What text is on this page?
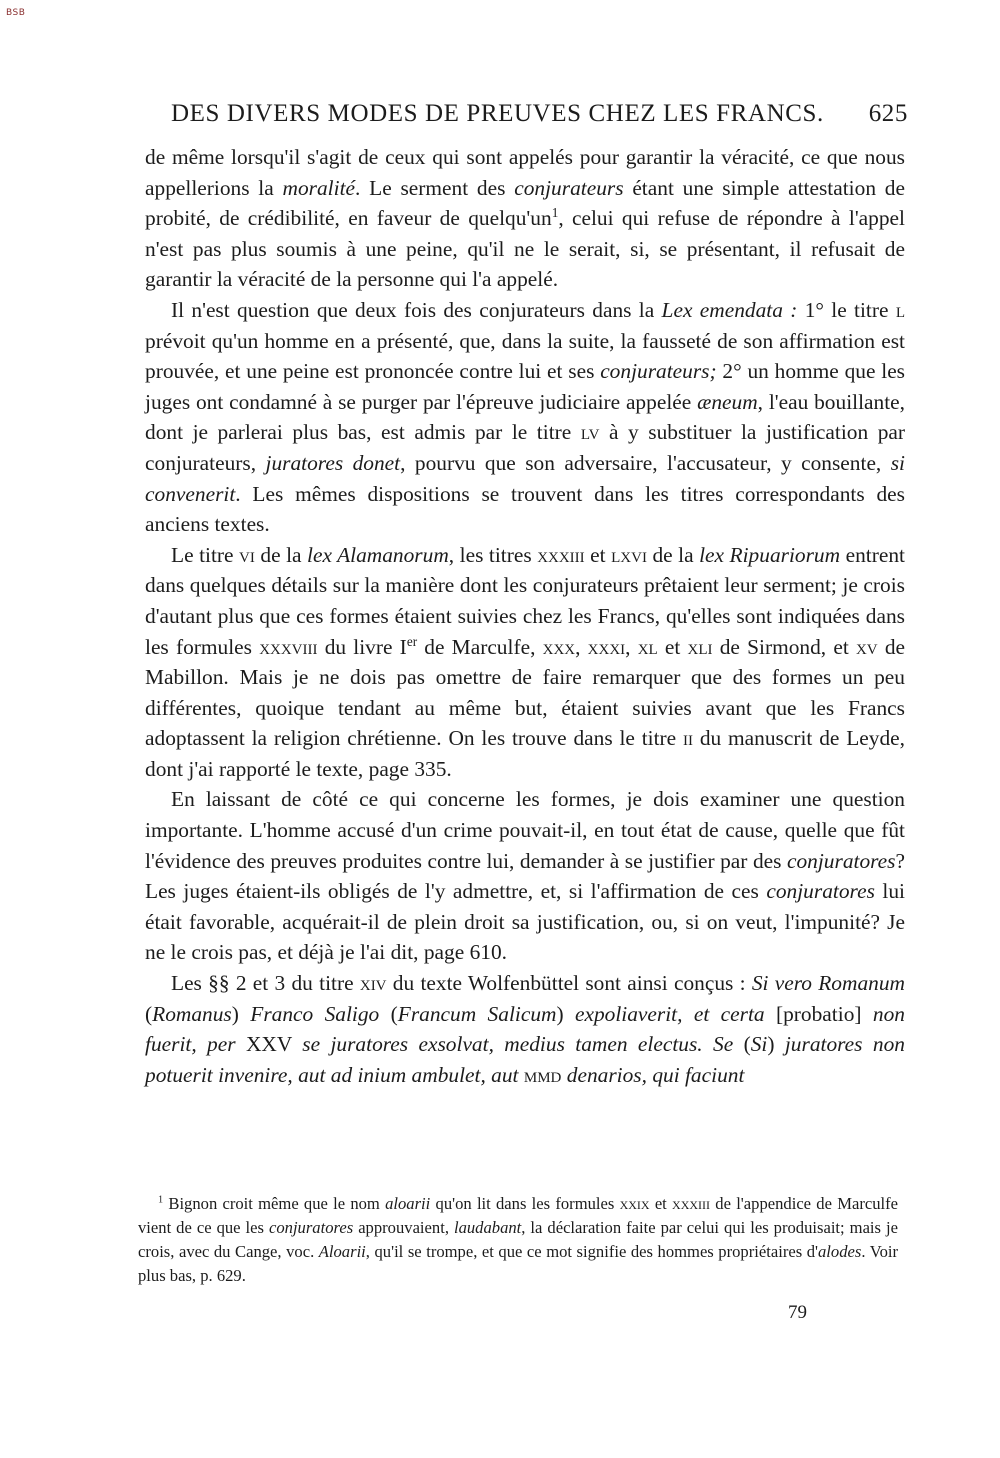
BSB
DES DIVERS MODES DE PREUVES CHEZ LES FRANCS. 625

de même lorsqu'il s'agit de ceux qui sont appelés pour garantir la véracité, ce que nous appellerions la moralité. Le serment des conjurateurs étant une simple attestation de probité, de crédibilité, en faveur de $quelqu'un^1$, celui qui refuse de répondre à l'appel n'est pas plus soumis à une peine, qu'il ne le serait, si, se présentant, il refusait de garantir la véracité de la personne qui l'a appelé.

Il n'est question que deux fois des conjurateurs dans la Lex emendata : 1° le titre l prévoit qu'un homme en a présenté, que, dans la suite, la fausseté de son affirmation est prouvée, et une peine est prononcée contre lui et ses conjurateurs; 2° un homme que les juges ont condamné à se purger par l'épreuve judiciaire appelée æneum, l'eau bouillante, dont je parlerai plus bas, est admis par le titre lv à y substituer la justification par conjurateurs, juratores donet, pourvu que son adversaire, l'accusateur, y consente, si convenerit. Les mêmes dispositions se trouvent dans les titres correspondants des anciens textes.

Le titre vi de la lex Alamanorum, les titres xxxiii et lxvi de la lex Ripuariorum entrent dans quelques détails sur la manière dont les conjurateurs prêtaient leur serment; je crois d'autant plus que ces formes étaient suivies chez les Francs, qu'elles sont indiquées dans les formules xxxviii du livre Ier de Marculfe, xxx, xxxi, xl et xli de Sirmond, et xv de Mabillon. Mais je ne dois pas omettre de faire remarquer que des formes un peu différentes, quoique tendant au même but, étaient suivies avant que les Francs adoptassent la religion chrétienne. On les trouve dans le titre ii du manuscrit de Leyde, dont j'ai rapporté le texte, page 335.

En laissant de côté ce qui concerne les formes, je dois examiner une question importante. L'homme accusé d'un crime pouvait-il, en tout état de cause, quelle que fût l'évidence des preuves produites contre lui, demander à se justifier par des conjuratores? Les juges étaient-ils obligés de l'y admettre, et, si l'affirmation de ces conjuratores lui était favorable, acquérait-il de plein droit sa justification, ou, si on veut, l'impunité? Je ne le crois pas, et déjà je l'ai dit, page 610.

Les §§ 2 et 3 du titre xiv du texte Wolfenbüttel sont ainsi conçus : Si vero Romanum (Romanus) Franco Saligo (Francum Salicum) expoliaverit, et certa [probatio] non fuerit, per XXV se juratores exsolvat, medius tamen electus. Se (Si) juratores non potuerit invenire, aut ad inium ambulet, aut mmd denarios, qui faciunt

$^1$ Bignon croit même que le nom aloarii qu'on lit dans les formules xxix et xxxiii de l'appendice de Marculfe vient de ce que les conjuratores approuvaient, laudabant, la déclaration faite par celui qui les produisait; mais je crois, avec du Cange, voc. Aloarii, qu'il se trompe, et que ce mot signifie des hommes propriétaires d'alodes. Voir plus bas, p. 629.

79
